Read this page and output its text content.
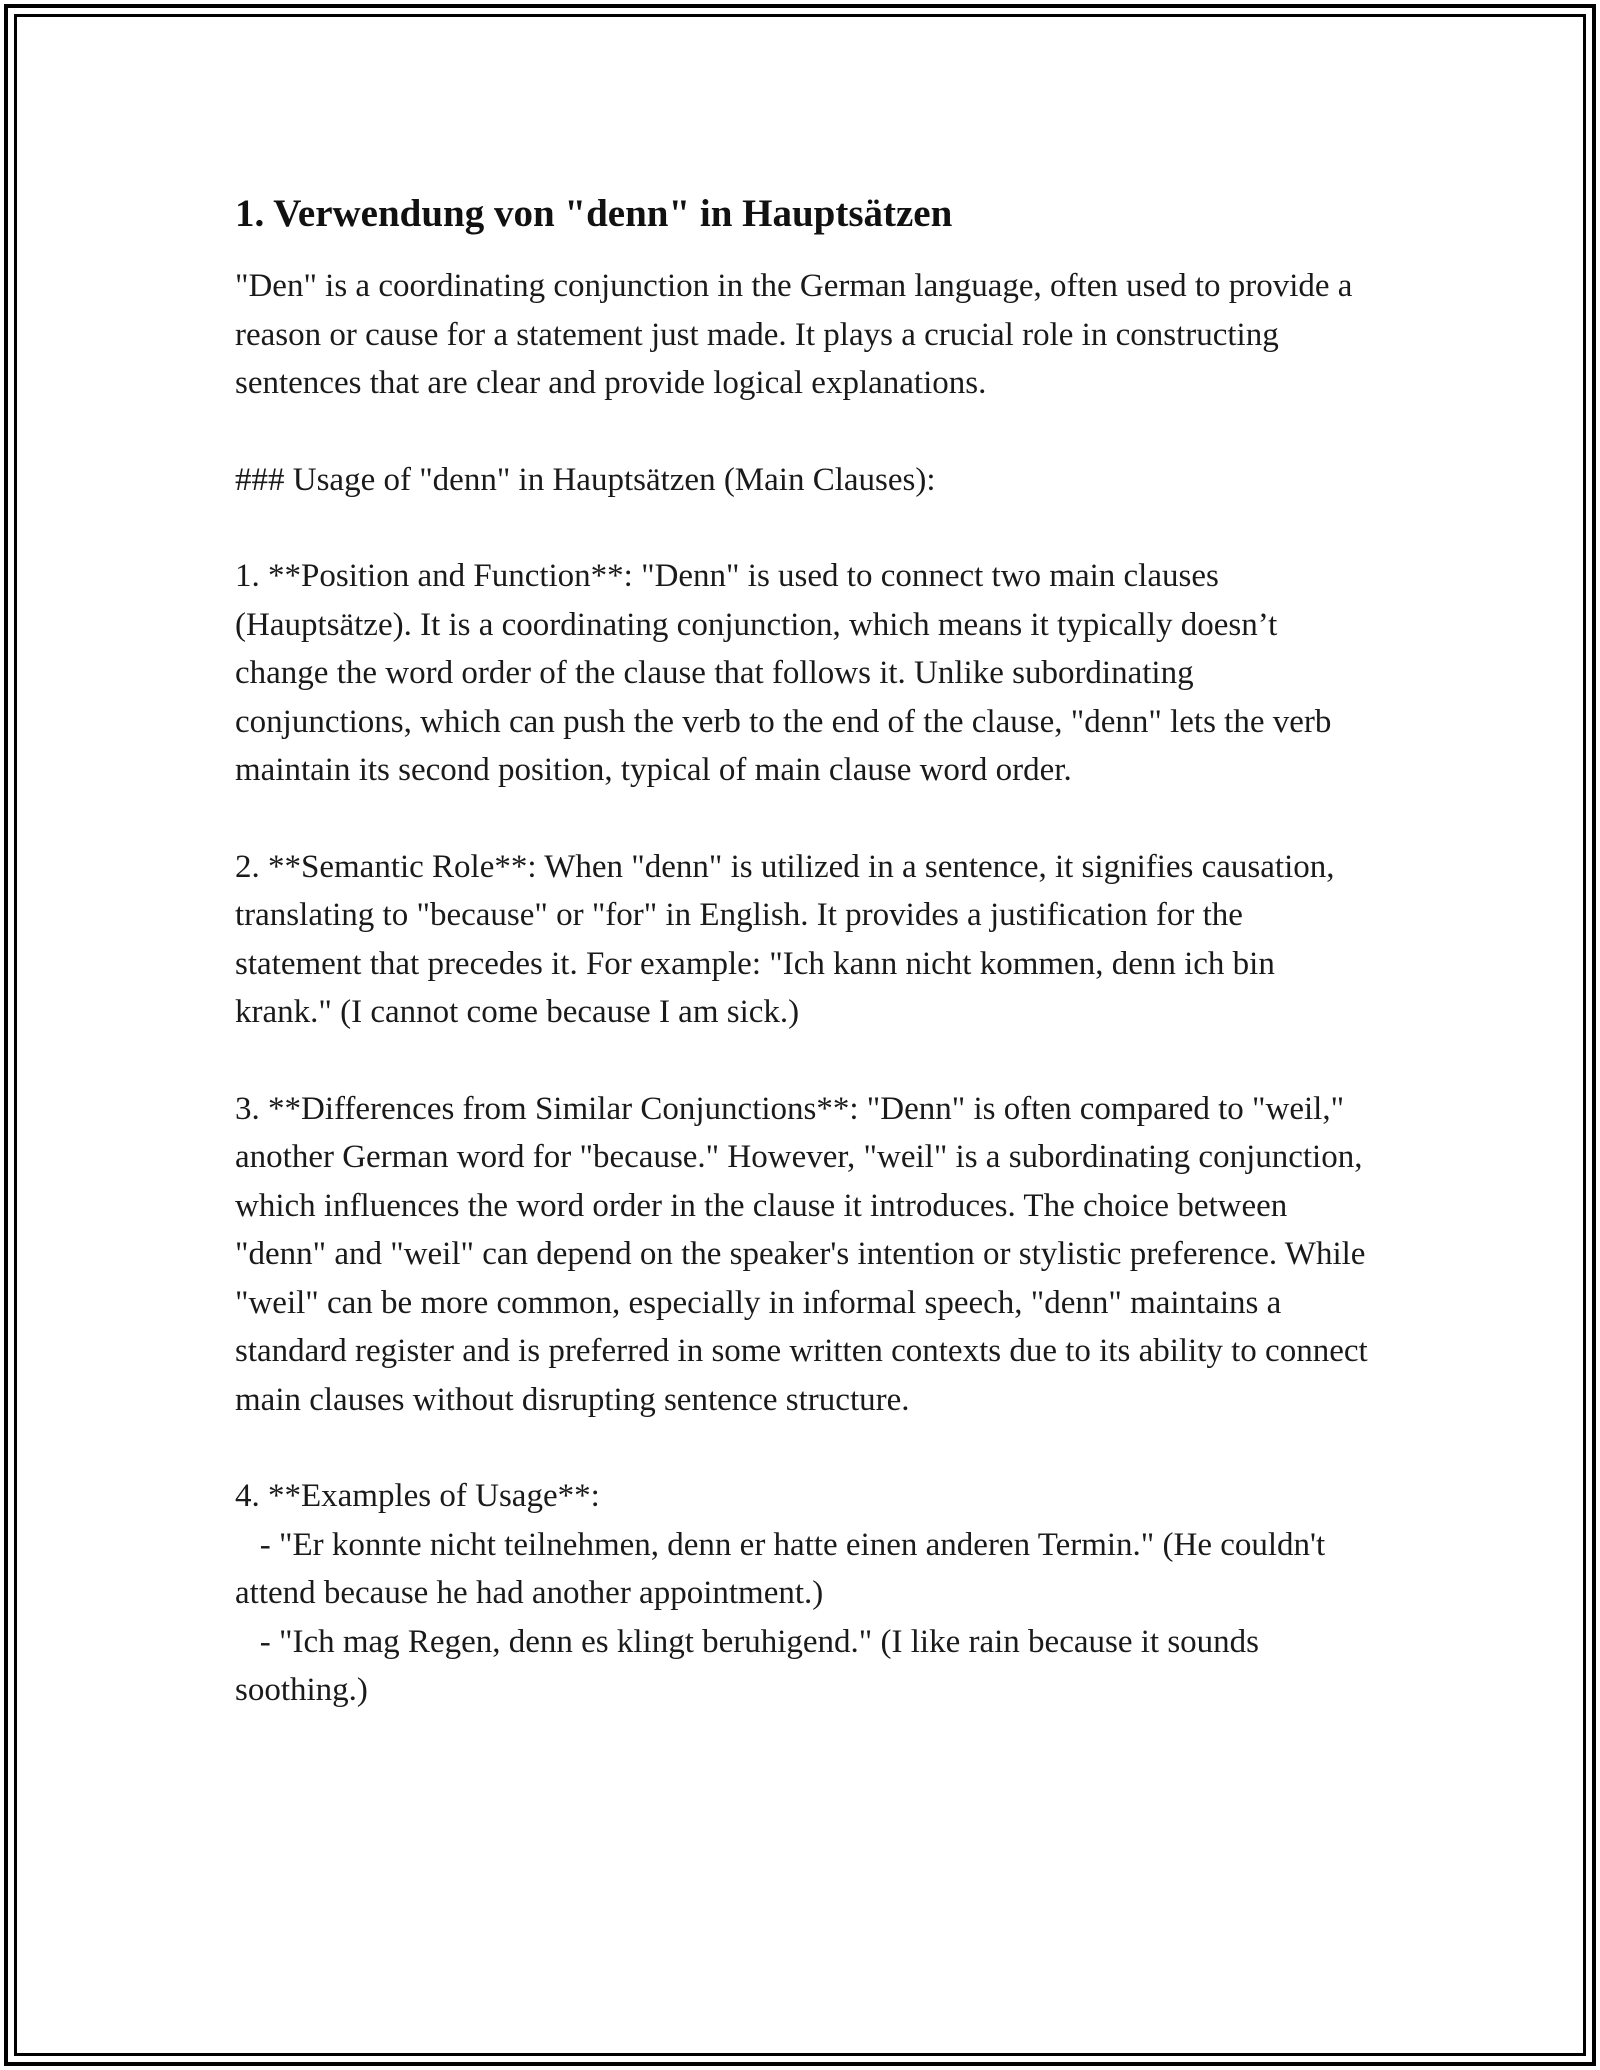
1. Verwendung von "denn" in Hauptsätzen

"Den" is a coordinating conjunction in the German language, often used to provide a reason or cause for a statement just made. It plays a crucial role in constructing sentences that are clear and provide logical explanations.

### Usage of "denn" in Hauptsätzen (Main Clauses):

1. **Position and Function**: "Denn" is used to connect two main clauses (Hauptsätze). It is a coordinating conjunction, which means it typically doesn’t change the word order of the clause that follows it. Unlike subordinating conjunctions, which can push the verb to the end of the clause, "denn" lets the verb maintain its second position, typical of main clause word order.

2. **Semantic Role**: When "denn" is utilized in a sentence, it signifies causation, translating to "because" or "for" in English. It provides a justification for the statement that precedes it. For example: "Ich kann nicht kommen, denn ich bin krank." (I cannot come because I am sick.)

3. **Differences from Similar Conjunctions**: "Denn" is often compared to "weil," another German word for "because." However, "weil" is a subordinating conjunction, which influences the word order in the clause it introduces. The choice between "denn" and "weil" can depend on the speaker's intention or stylistic preference. While "weil" can be more common, especially in informal speech, "denn" maintains a standard register and is preferred in some written contexts due to its ability to connect main clauses without disrupting sentence structure.

4. **Examples of Usage**:
- "Er konnte nicht teilnehmen, denn er hatte einen anderen Termin." (He couldn't attend because he had another appointment.)
- "Ich mag Regen, denn es klingt beruhigend." (I like rain because it sounds soothing.)
